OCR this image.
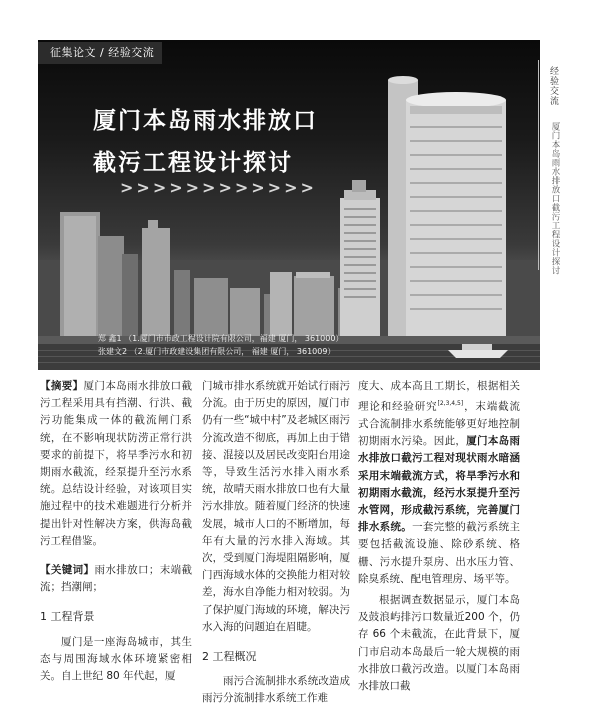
征集论文 / 经验交流
厦门本岛雨水排放口
截污工程设计探讨
>>>>>>>>>>>>
郑 鑫1 （1.厦门市市政工程设计院有限公司，福建 厦门， 361000）
张建文2 （2.厦门市政建设集团有限公司， 福建 厦门， 361009）
经验交流
厦门本岛雨水排放口截污工程设计探讨

【摘要】厦门本岛雨水排放口截污工程采用具有挡潮、行洪、截污功能集成一体的截流闸门系统，在不影响现状防涝正常行洪要求的前提下，将旱季污水和初期雨水截流，经泵提升至污水系统。总结设计经验，对该项目实施过程中的技术难题进行分析并提出针对性解决方案，供海岛截污工程借鉴。

【关键词】雨水排放口；末端截流；挡潮闸；

1 工程背景

厦门是一座海岛城市，其生态与周围海域水体环境紧密相关。自上世纪 80 年代起，厦

门城市排水系统就开始试行雨污分流。由于历史的原因，厦门市仍有一些“城中村”及老城区雨污分流改造不彻底，再加上由于错接、混接以及居民改变阳台用途等，导致生活污水排入雨水系统，故晴天雨水排放口也有大量污水排放。随着厦门经济的快速发展，城市人口的不断增加，每年有大量的污水排入海域。其次，受到厦门海堤阻隔影响，厦门西海域水体的交换能力相对较差，海水自净能力相对较弱。为了保护厦门海域的环境，解决污水入海的问题迫在眉睫。

2 工程概况

雨污合流制排水系统改造成雨污分流制排水系统工作难

度大、成本高且工期长，根据相关理论和经验研究[2,3,4,5]，末端截流式合流制排水系统能够更好地控制初期雨水污染。因此，厦门本岛雨水排放口截污工程对现状雨水暗涵采用末端截流方式，将旱季污水和初期雨水截流，经污水泵提升至污水管网，形成截污系统，完善厦门排水系统。一套完整的截污系统主要包括截流设施、除砂系统、格栅、污水提升泵房、出水压力管、除臭系统、配电管理房、场平等。

根据调查数据显示，厦门本岛及鼓浪屿排污口数量近200 个，仍存 66 个未截流，在此背景下，厦门市启动本岛最后一轮大规模的雨水排放口截污改造。以厦门本岛雨水排放口截
